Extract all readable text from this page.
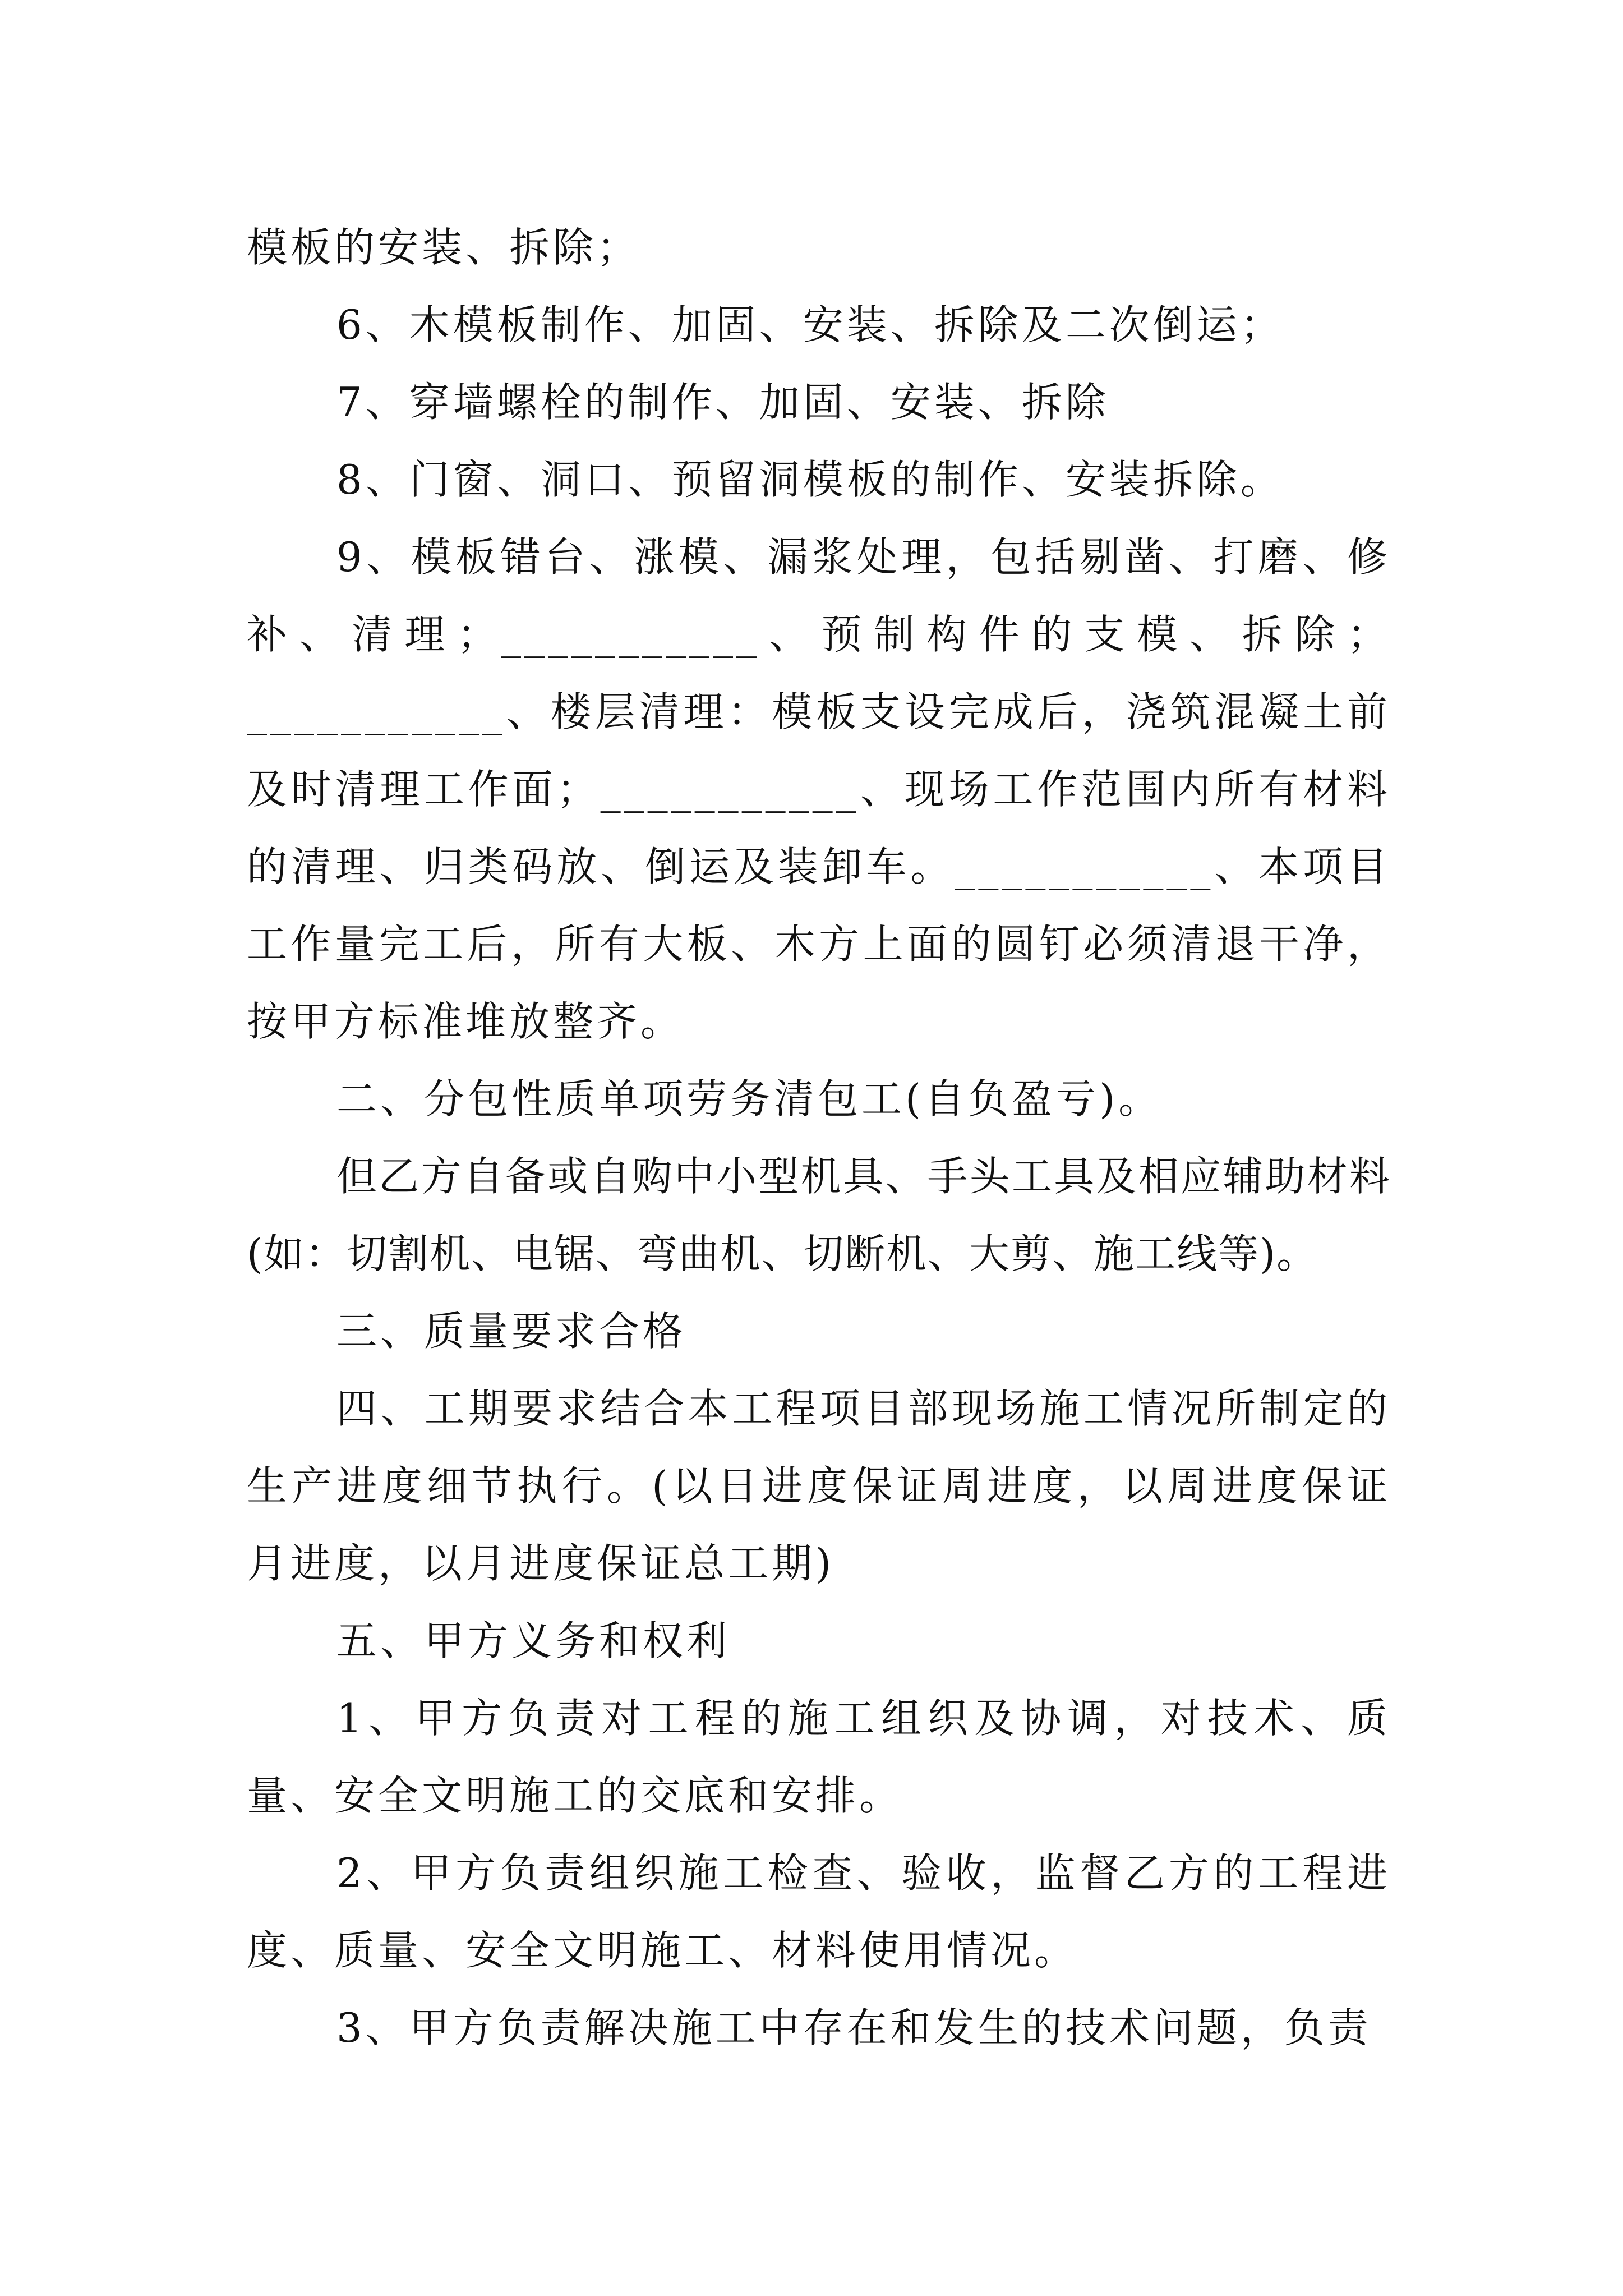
模板的安装、拆除；

6、木模板制作、加固、安装、拆除及二次倒运；

7、穿墙螺栓的制作、加固、安装、拆除

8、门窗、洞口、预留洞模板的制作、安装拆除。

9、模板错台、涨模、漏浆处理，包括剔凿、打磨、修补、清理；___________、预制构件的支模、拆除；___________、楼层清理：模板支设完成后，浇筑混凝土前及时清理工作面；___________、现场工作范围内所有材料的清理、归类码放、倒运及装卸车。___________、本项目工作量完工后，所有大板、木方上面的圆钉必须清退干净，按甲方标准堆放整齐。

二、分包性质单项劳务清包工(自负盈亏)。

但乙方自备或自购中小型机具、手头工具及相应辅助材料(如：切割机、电锯、弯曲机、切断机、大剪、施工线等)。

三、质量要求合格

四、工期要求结合本工程项目部现场施工情况所制定的生产进度细节执行。(以日进度保证周进度，以周进度保证月进度，以月进度保证总工期)

五、甲方义务和权利

1、甲方负责对工程的施工组织及协调，对技术、质量、安全文明施工的交底和安排。

2、甲方负责组织施工检查、验收，监督乙方的工程进度、质量、安全文明施工、材料使用情况。

3、甲方负责解决施工中存在和发生的技术问题，负责
